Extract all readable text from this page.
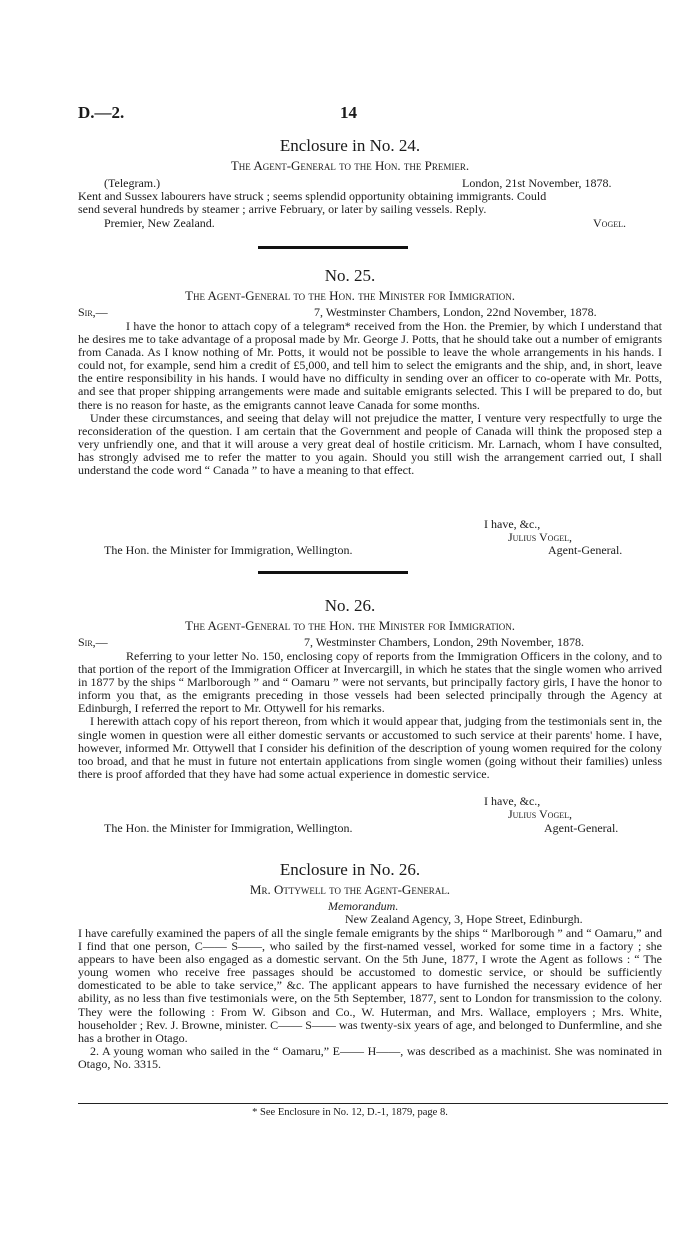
D.—2.	14
Enclosure in No. 24.
The Agent-General to the Hon. the Premier.
(Telegram.)	London, 21st November, 1878.
Kent and Sussex labourers have struck ; seems splendid opportunity obtaining immigrants. Could
send several hundreds by steamer ; arrive February, or later by sailing vessels. Reply.
Premier, New Zealand.	Vogel.
No. 25.
The Agent-General to the Hon. the Minister for Immigration.
Sir,—	7, Westminster Chambers, London, 22nd November, 1878.

I have the honor to attach copy of a telegram* received from the Hon. the Premier, by which I understand that he desires me to take advantage of a proposal made by Mr. George J. Potts, that he should take out a number of emigrants from Canada. As I know nothing of Mr. Potts, it would not be possible to leave the whole arrangements in his hands. I could not, for example, send him a credit of £5,000, and tell him to select the emigrants and the ship, and, in short, leave the entire responsibility in his hands. I would have no difficulty in sending over an officer to co-operate with Mr. Potts, and see that proper shipping arrangements were made and suitable emigrants selected. This I will be prepared to do, but there is no reason for haste, as the emigrants cannot leave Canada for some months.

Under these circumstances, and seeing that delay will not prejudice the matter, I venture very respectfully to urge the reconsideration of the question. I am certain that the Government and people of Canada will think the proposed step a very unfriendly one, and that it will arouse a very great deal of hostile criticism. Mr. Larnach, whom I have consulted, has strongly advised me to refer the matter to you again. Should you still wish the arrangement carried out, I shall understand the code word “ Canada ” to have a meaning to that effect.

I have, &c.,
Julius Vogel,
The Hon. the Minister for Immigration, Wellington.	Agent-General.
No. 26.
The Agent-General to the Hon. the Minister for Immigration.
Sir,—	7, Westminster Chambers, London, 29th November, 1878.

Referring to your letter No. 150, enclosing copy of reports from the Immigration Officers in the colony, and to that portion of the report of the Immigration Officer at Invercargill, in which he states that the single women who arrived in 1877 by the ships “ Marlborough ” and “ Oamaru ” were not servants, but principally factory girls, I have the honor to inform you that, as the emigrants preceding in those vessels had been selected principally through the Agency at Edinburgh, I referred the report to Mr. Ottywell for his remarks.

I herewith attach copy of his report thereon, from which it would appear that, judging from the testimonials sent in, the single women in question were all either domestic servants or accustomed to such service at their parents' home. I have, however, informed Mr. Ottywell that I consider his definition of the description of young women required for the colony too broad, and that he must in future not entertain applications from single women (going without their families) unless there is proof afforded that they have had some actual experience in domestic service.

I have, &c.,
Julius Vogel,
The Hon. the Minister for Immigration, Wellington.	Agent-General.
Enclosure in No. 26.
Mr. Ottywell to the Agent-General.
Memorandum.
New Zealand Agency, 3, Hope Street, Edinburgh.

I have carefully examined the papers of all the single female emigrants by the ships “ Marlborough ” and “ Oamaru,” and I find that one person, C—— S——, who sailed by the first-named vessel, worked for some time in a factory ; she appears to have been also engaged as a domestic servant. On the 5th June, 1877, I wrote the Agent as follows : “ The young women who receive free passages should be accustomed to domestic service, or should be sufficiently domesticated to be able to take service,” &c. The applicant appears to have furnished the necessary evidence of her ability, as no less than five testimonials were, on the 5th September, 1877, sent to London for transmission to the colony. They were the following : From W. Gibson and Co., W. Huterman, and Mrs. Wallace, employers ; Mrs. White, householder ; Rev. J. Browne, minister. C—— S—— was twenty-six years of age, and belonged to Dunfermline, and she has a brother in Otago.

2. A young woman who sailed in the “ Oamaru,” E—— H——, was described as a machinist. She was nominated in Otago, No. 3315.

* See Enclosure in No. 12, D.-1, 1879, page 8.
